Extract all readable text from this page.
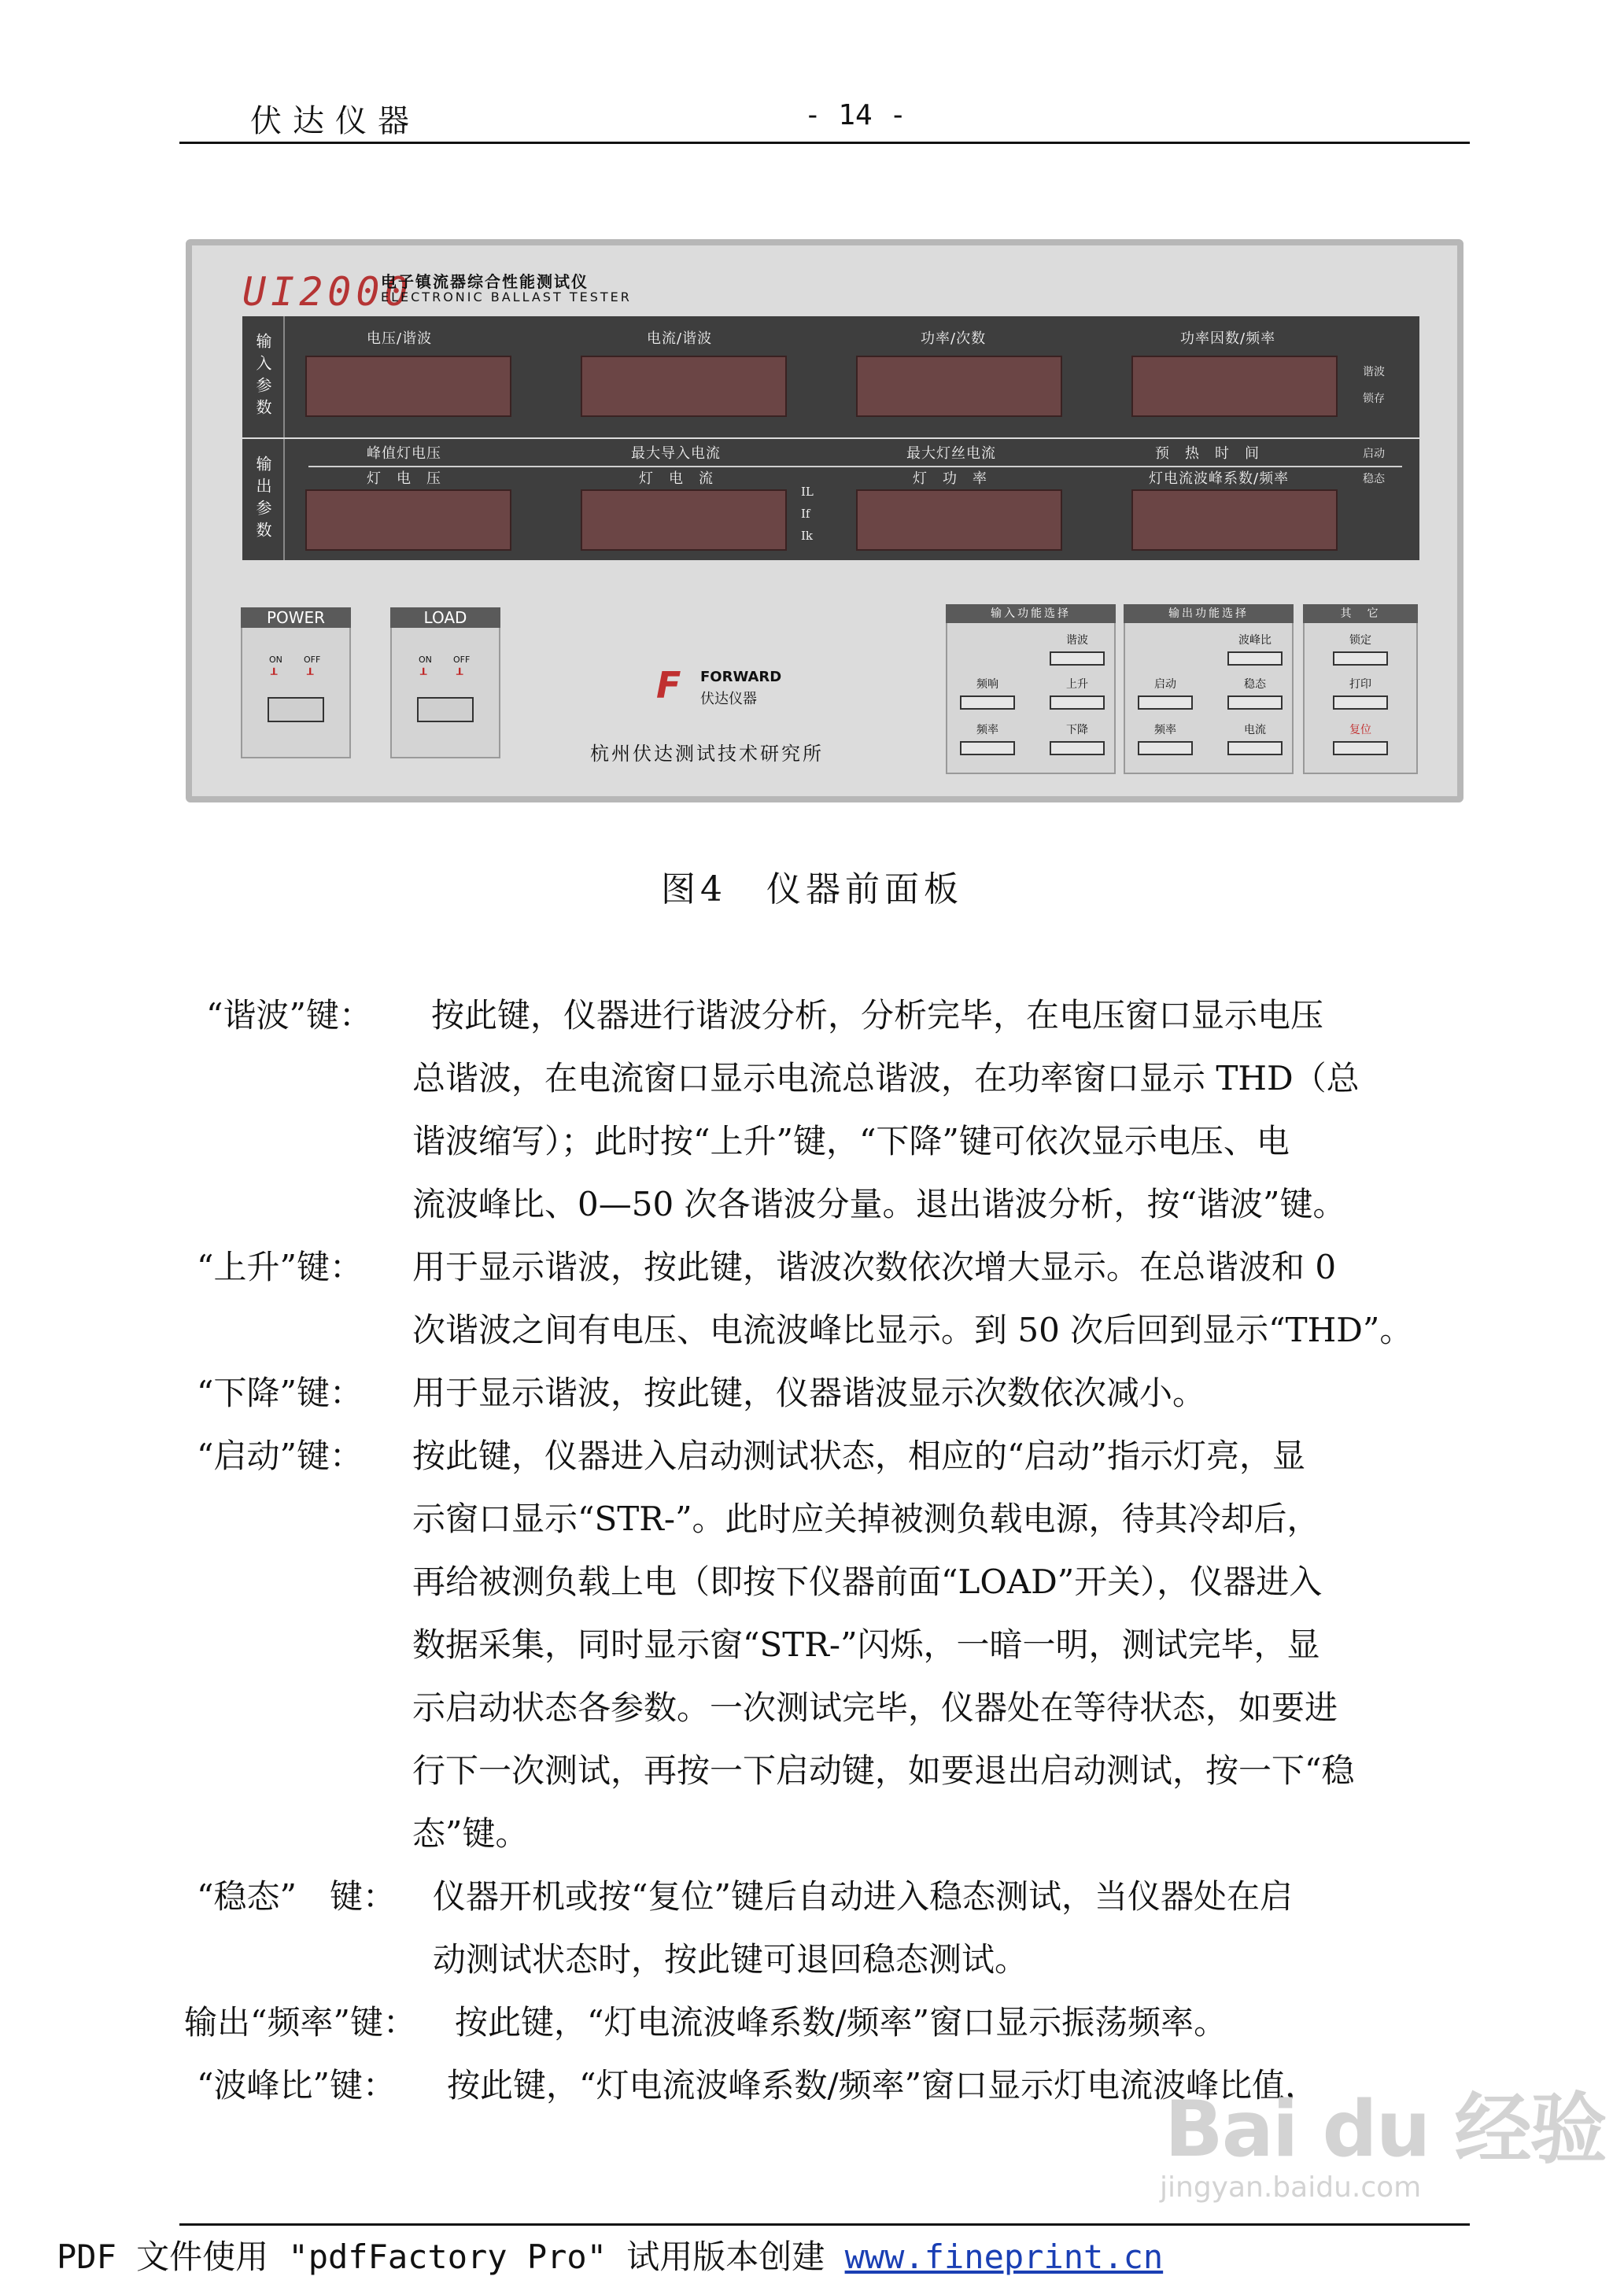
伏达仪器	- 14 -
UI2000
电子镇流器综合性能测试仪
ELECTRONIC BALLAST TESTER
输入参数	电压/谐波	电流/谐波	功率/次数	功率因数/频率
谐波
锁存
输出参数
峰值灯电压	最大导入电流	最大灯丝电流	预　热　时　间
灯　电　压	灯　电　流	灯　功　率	灯电流波峰系数/频率
IL
If
Ik
启动
稳态
POWER
ON OFF
┸	┸
LOAD
ON OFF
┸	┸	F FORWARD
伏达仪器
杭州伏达测试技术研究所
输入功能选择
谐波
频响	上升
频率	下降
输出功能选择
波峰比
启动	稳态
频率	电流
其　它
锁定
打印
复位
图4　仪器前面板
“谐波”键： 按此键，仪器进行谐波分析，分析完毕，在电压窗口显示电压
总谐波，在电流窗口显示电流总谐波，在功率窗口显示 THD（总
谐波缩写）；此时按“上升”键，“下降”键可依次显示电压、电
流波峰比、0—50 次各谐波分量。退出谐波分析，按“谐波”键。
“上升”键： 用于显示谐波，按此键，谐波次数依次增大显示。在总谐波和 0
次谐波之间有电压、电流波峰比显示。到 50 次后回到显示“THD”。
“下降”键： 用于显示谐波，按此键，仪器谐波显示次数依次减小。
“启动”键： 按此键，仪器进入启动测试状态，相应的“启动”指示灯亮，显
示窗口显示“STR-”。此时应关掉被测负载电源，待其冷却后，
再给被测负载上电（即按下仪器前面“LOAD”开关），仪器进入
数据采集，同时显示窗“STR-”闪烁，一暗一明，测试完毕，显
示启动状态各参数。一次测试完毕，仪器处在等待状态，如要进
行下一次测试，再按一下启动键，如要退出启动测试，按一下“稳
态”键。
“稳态”　键： 仪器开机或按“复位”键后自动进入稳态测试，当仪器处在启
动测试状态时，按此键可退回稳态测试。
输出“频率”键： 按此键，“灯电流波峰系数/频率”窗口显示振荡频率。
“波峰比”键： 按此键，“灯电流波峰系数/频率”窗口显示灯电流波峰比值，
Bai du 经验
jingyan.baidu.com
PDF 文件使用 "pdfFactory Pro" 试用版本创建 www.fineprint.cn
